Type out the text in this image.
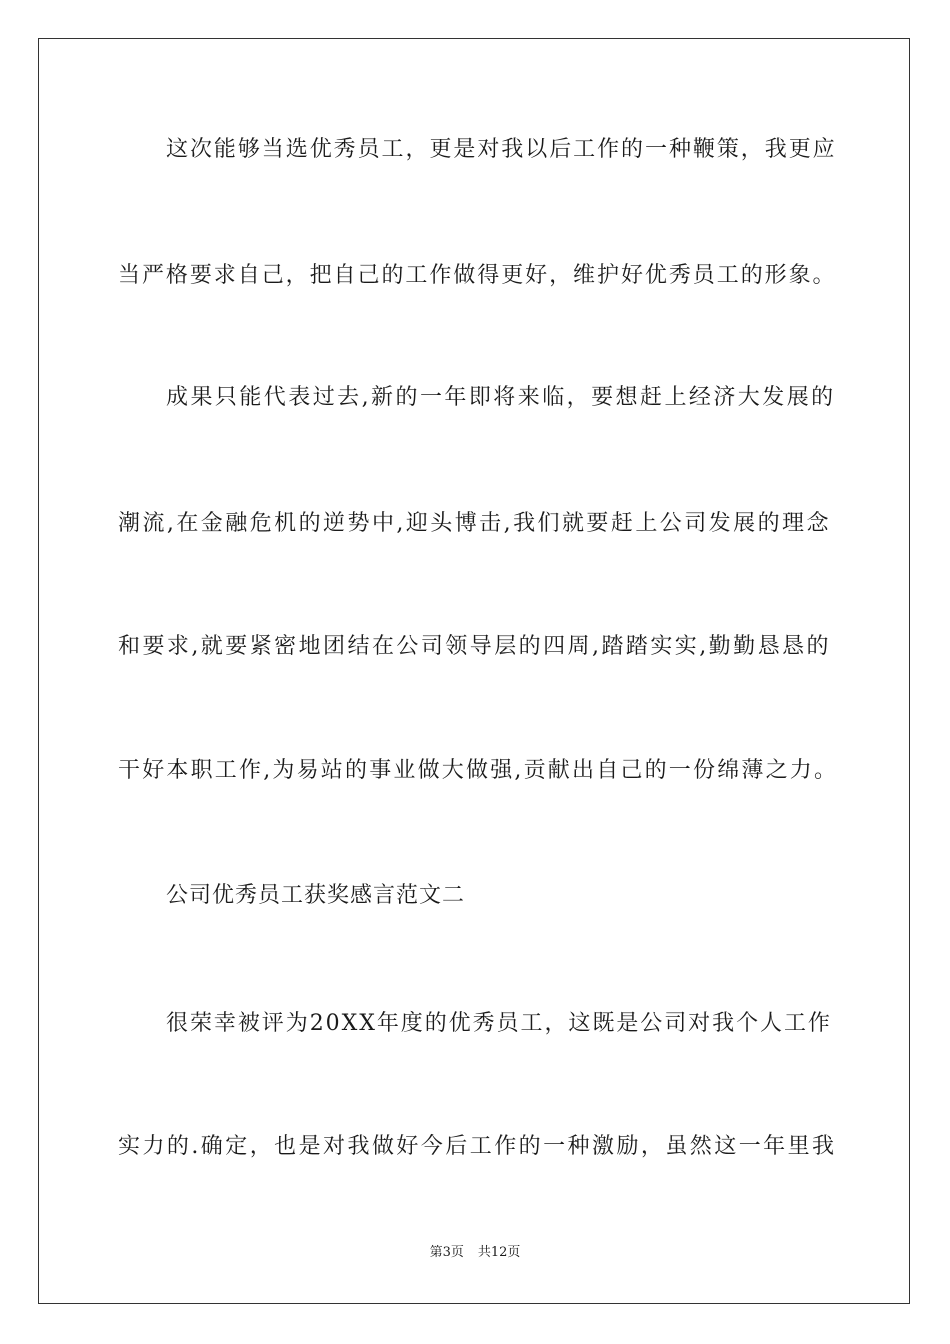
这次能够当选优秀员工，更是对我以后工作的一种鞭策，我更应
当严格要求自己，把自己的工作做得更好，维护好优秀员工的形象。
成果只能代表过去,新的一年即将来临，要想赶上经济大发展的
潮流,在金融危机的逆势中,迎头博击,我们就要赶上公司发展的理念
和要求,就要紧密地团结在公司领导层的四周,踏踏实实,勤勤恳恳的
干好本职工作,为易站的事业做大做强,贡献出自己的一份绵薄之力。
公司优秀员工获奖感言范文二
很荣幸被评为20XX年度的优秀员工，这既是公司对我个人工作
实力的.确定，也是对我做好今后工作的一种激励，虽然这一年里我
第3页 共12页
